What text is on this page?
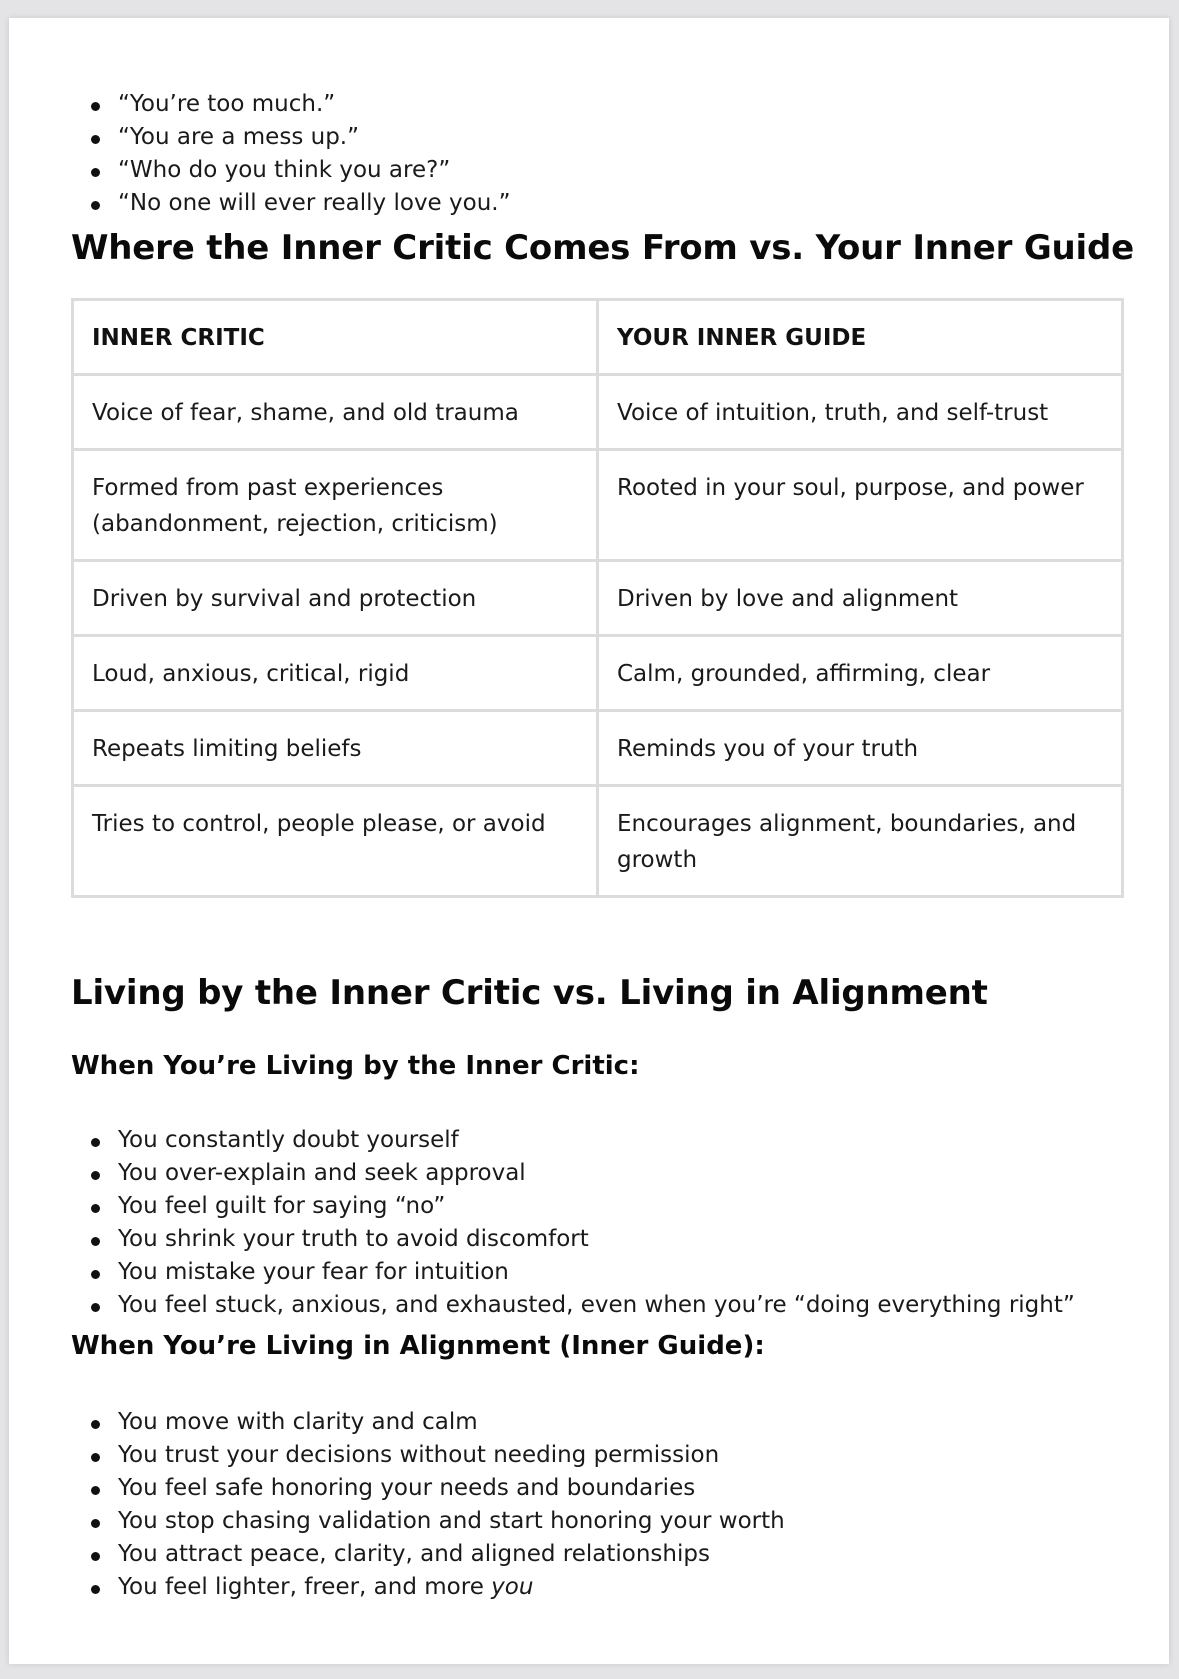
“You’re too much.”
“You are a mess up.”
“Who do you think you are?”
“No one will ever really love you.”
Where the Inner Critic Comes From vs. Your Inner Guide
INNER CRITIC	YOUR INNER GUIDE
Voice of fear, shame, and old trauma	Voice of intuition, truth, and self-trust
Formed from past experiences (abandonment, rejection, criticism)	Rooted in your soul, purpose, and power
Driven by survival and protection	Driven by love and alignment
Loud, anxious, critical, rigid	Calm, grounded, affirming, clear
Repeats limiting beliefs	Reminds you of your truth
Tries to control, people please, or avoid	Encourages alignment, boundaries, and growth
Living by the Inner Critic vs. Living in Alignment
When You’re Living by the Inner Critic:
You constantly doubt yourself
You over-explain and seek approval
You feel guilt for saying “no”
You shrink your truth to avoid discomfort
You mistake your fear for intuition
You feel stuck, anxious, and exhausted, even when you’re “doing everything right”
When You’re Living in Alignment (Inner Guide):
You move with clarity and calm
You trust your decisions without needing permission
You feel safe honoring your needs and boundaries
You stop chasing validation and start honoring your worth
You attract peace, clarity, and aligned relationships
You feel lighter, freer, and more you
